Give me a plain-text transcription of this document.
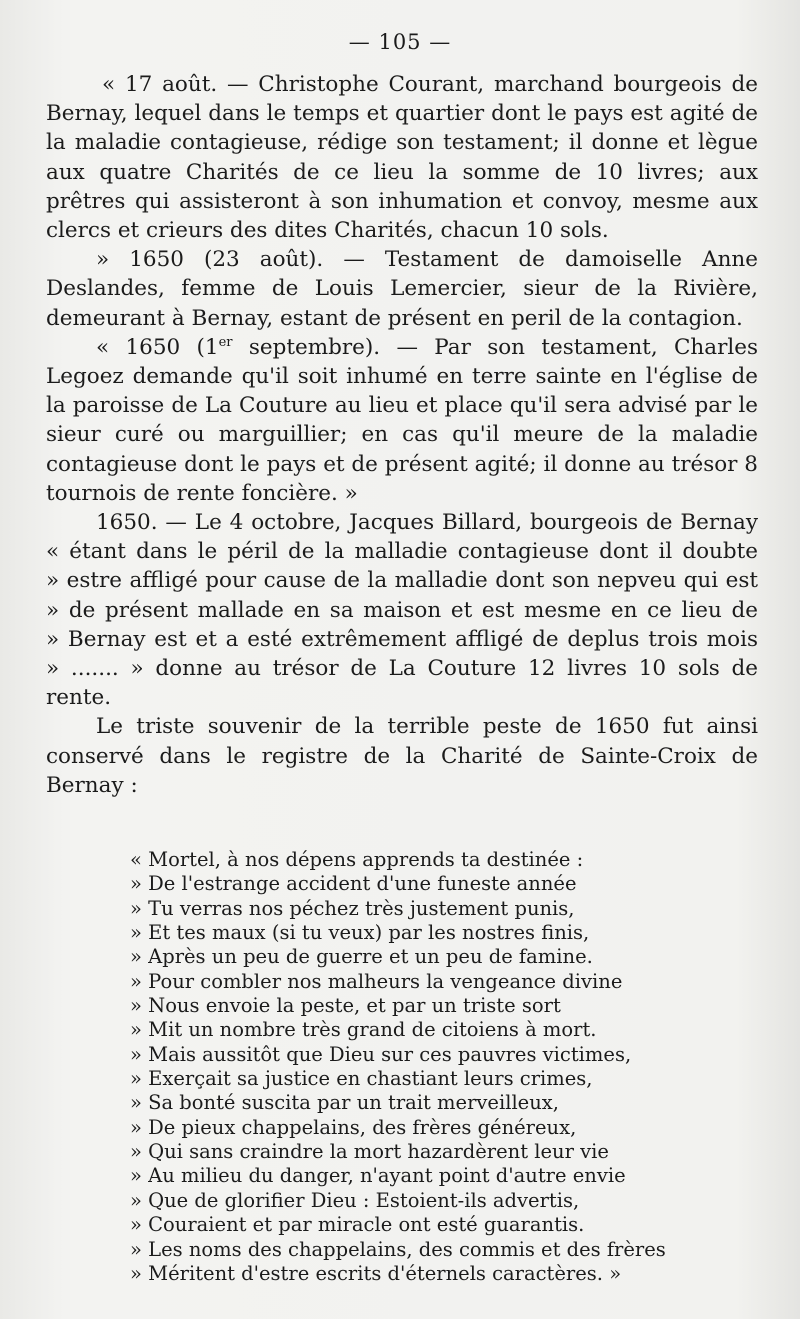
— 105 —

« 17 août. — Christophe Courant, marchand bourgeois de Bernay, lequel dans le temps et quartier dont le pays est agité de la maladie contagieuse, rédige son testament; il donne et lègue aux quatre Charités de ce lieu la somme de 10 livres; aux prêtres qui assisteront à son inhumation et convoy, mesme aux clercs et crieurs des dites Charités, chacun 10 sols.

» 1650 (23 août). — Testament de damoiselle Anne Deslandes, femme de Louis Lemercier, sieur de la Rivière, demeurant à Bernay, estant de présent en peril de la contagion.

« 1650 (1er septembre). — Par son testament, Charles Legoez demande qu'il soit inhumé en terre sainte en l'église de la paroisse de La Couture au lieu et place qu'il sera advisé par le sieur curé ou marguillier; en cas qu'il meure de la maladie contagieuse dont le pays et de présent agité; il donne au trésor 8 tournois de rente foncière. »

1650. — Le 4 octobre, Jacques Billard, bourgeois de Bernay

« étant dans le péril de la malladie contagieuse dont il doubte

» estre affligé pour cause de la malladie dont son nepveu qui est

» de présent mallade en sa maison et est mesme en ce lieu de

» Bernay est et a esté extrêmement affligé de deplus trois mois

» ....... » donne au trésor de La Couture 12 livres 10 sols de rente.

Le triste souvenir de la terrible peste de 1650 fut ainsi conservé dans le registre de la Charité de Sainte-Croix de Bernay :

« Mortel, à nos dépens apprends ta destinée :
» De l'estrange accident d'une funeste année
» Tu verras nos péchez très justement punis,
» Et tes maux (si tu veux) par les nostres finis,
» Après un peu de guerre et un peu de famine.
» Pour combler nos malheurs la vengeance divine
» Nous envoie la peste, et par un triste sort
» Mit un nombre très grand de citoiens à mort.
» Mais aussitôt que Dieu sur ces pauvres victimes,
» Exerçait sa justice en chastiant leurs crimes,
» Sa bonté suscita par un trait merveilleux,
» De pieux chappelains, des frères généreux,
» Qui sans craindre la mort hazardèrent leur vie
» Au milieu du danger, n'ayant point d'autre envie
» Que de glorifier Dieu : Estoient-ils advertis,
» Couraient et par miracle ont esté guarantis.
» Les noms des chappelains, des commis et des frères
» Méritent d'estre escrits d'éternels caractères. »
